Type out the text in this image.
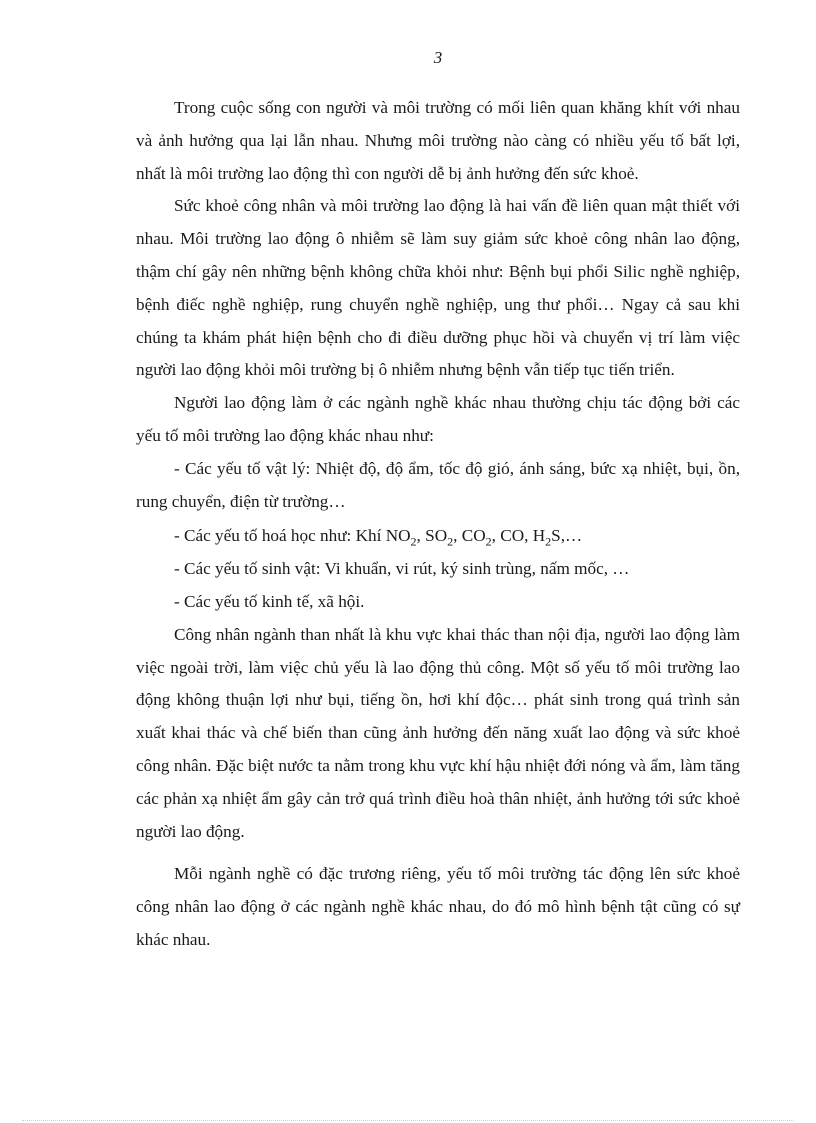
3

Trong cuộc sống con người và môi trường có mối liên quan khăng khít với nhau và ảnh hưởng qua lại lẫn nhau. Nhưng môi trường nào càng có nhiều yếu tố bất lợi, nhất là môi trường lao động thì con người dễ bị ảnh hưởng đến sức khoẻ.

Sức khoẻ công nhân và môi trường lao động là hai vấn đề liên quan mật thiết với nhau. Môi trường lao động ô nhiễm sẽ làm suy giảm sức khoẻ công nhân lao động, thậm chí gây nên những bệnh không chữa khỏi như: Bệnh bụi phổi Silic nghề nghiệp, bệnh điếc nghề nghiệp, rung chuyển nghề nghiệp, ung thư phổi… Ngay cả sau khi chúng ta khám phát hiện bệnh cho đi điều dưỡng phục hồi và chuyển vị trí làm việc người lao động khỏi môi trường bị ô nhiễm nhưng bệnh vẫn tiếp tục tiến triển.

Người lao động làm ở các ngành nghề khác nhau thường chịu tác động bởi các yếu tố môi trường lao động khác nhau như:

- Các yếu tố vật lý: Nhiệt độ, độ ẩm, tốc độ gió, ánh sáng, bức xạ nhiệt, bụi, ồn, rung chuyển, điện từ trường…

- Các yếu tố hoá học như: Khí $NO_2$, $SO_2$, $CO_2$, CO, $H_2S,\dots$

- Các yếu tố sinh vật: Vi khuẩn, vi rút, ký sinh trùng, nấm mốc, …

- Các yếu tố kinh tế, xã hội.

Công nhân ngành than nhất là khu vực khai thác than nội địa, người lao động làm việc ngoài trời, làm việc chủ yếu là lao động thủ công. Một số yếu tố môi trường lao động không thuận lợi như bụi, tiếng ồn, hơi khí độc… phát sinh trong quá trình sản xuất khai thác và chế biến than cũng ảnh hưởng đến năng xuất lao động và sức khoẻ công nhân. Đặc biệt nước ta nằm trong khu vực khí hậu nhiệt đới nóng và ẩm, làm tăng các phản xạ nhiệt ẩm gây cản trở quá trình điều hoà thân nhiệt, ảnh hưởng tới sức khoẻ người lao động.

Mỗi ngành nghề có đặc trương riêng, yếu tố môi trường tác động lên sức khoẻ công nhân lao động ở các ngành nghề khác nhau, do đó mô hình bệnh tật cũng có sự khác nhau.
